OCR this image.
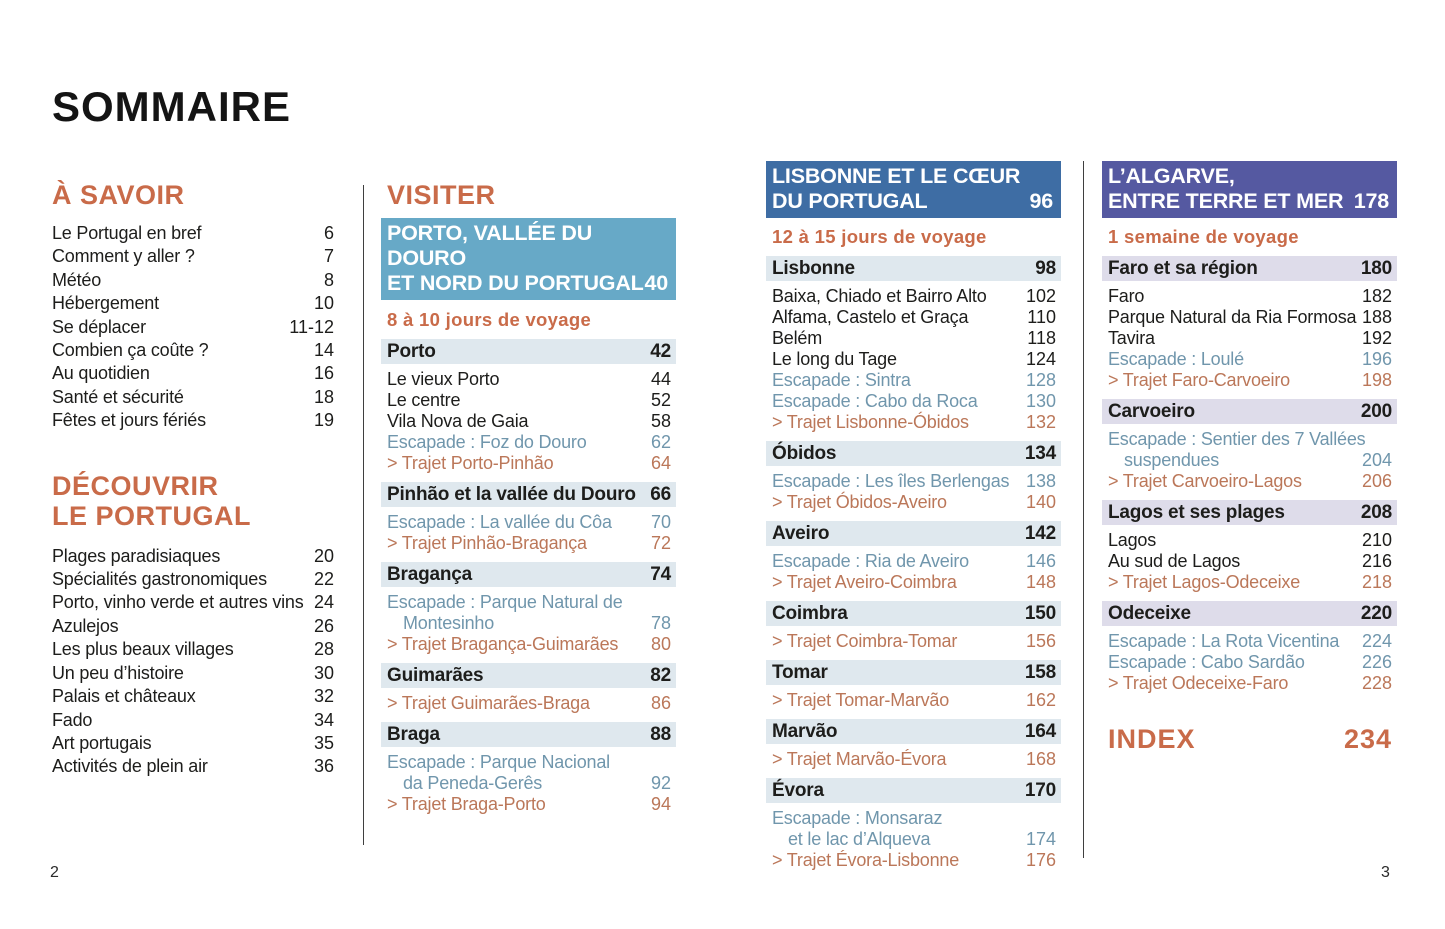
SOMMAIRE
À SAVOIR
Le Portugal en bref	6
Comment y aller ?	7
Météo	8
Hébergement	10
Se déplacer	11-12
Combien ça coûte ?	14
Au quotidien	16
Santé et sécurité	18
Fêtes et jours fériés	19
DÉCOUVRIR
LE PORTUGAL
Plages paradisiaques	20
Spécialités gastronomiques	22
Porto, vinho verde et autres vins 24
Azulejos	26
Les plus beaux villages	28
Un peu d’histoire	30
Palais et châteaux	32
Fado	34
Art portugais	35
Activités de plein air	36
VISITER
PORTO, VALLÉE DU DOURO
ET NORD DU PORTUGAL 40
8 à 10 jours de voyage
Porto	42
Le vieux Porto	44
Le centre	52
Vila Nova de Gaia	58
Escapade : Foz do Douro	62
> Trajet Porto-Pinhão	64
Pinhão et la vallée du Douro 66
Escapade : La vallée du Côa 70
> Trajet Pinhão-Bragança	72
Bragança	74
Escapade : Parque Natural de
Montesinho	78
> Trajet Bragança-Guimarães 80
Guimarães	82
> Trajet Guimarães-Braga	86
Braga	88
Escapade : Parque Nacional
da Peneda-Gerês	92
> Trajet Braga-Porto	94
LISBONNE ET LE CŒUR
DU PORTUGAL	96
12 à 15 jours de voyage
Lisbonne	98
Baixa, Chiado et Bairro Alto 102
Alfama, Castelo et Graça	110
Belém	118
Le long du Tage	124
Escapade : Sintra	128
Escapade : Cabo da Roca	130
> Trajet Lisbonne-Óbidos	132
Óbidos	134
Escapade : Les îles Berlengas 138
> Trajet Óbidos-Aveiro	140
Aveiro	142
Escapade : Ria de Aveiro	146
> Trajet Aveiro-Coimbra	148
Coimbra	150
> Trajet Coimbra-Tomar	156
Tomar	158
> Trajet Tomar-Marvão	162
Marvão	164
> Trajet Marvão-Évora	168
Évora	170
Escapade : Monsaraz
et le lac d’Alqueva	174
> Trajet Évora-Lisbonne	176
L’ALGARVE,
ENTRE TERRE ET MER 178
1 semaine de voyage
Faro et sa région	180
Faro	182
Parque Natural da Ria Formosa 188
Tavira	192
Escapade : Loulé	196
> Trajet Faro-Carvoeiro	198
Carvoeiro	200
Escapade : Sentier des 7 Vallées
suspendues	204
> Trajet Carvoeiro-Lagos	206
Lagos et ses plages	208
Lagos	210
Au sud de Lagos	216
> Trajet Lagos-Odeceixe	218
Odeceixe	220
Escapade : La Rota Vicentina 224
Escapade : Cabo Sardão	226
> Trajet Odeceixe-Faro	228
INDEX	234
2	3
